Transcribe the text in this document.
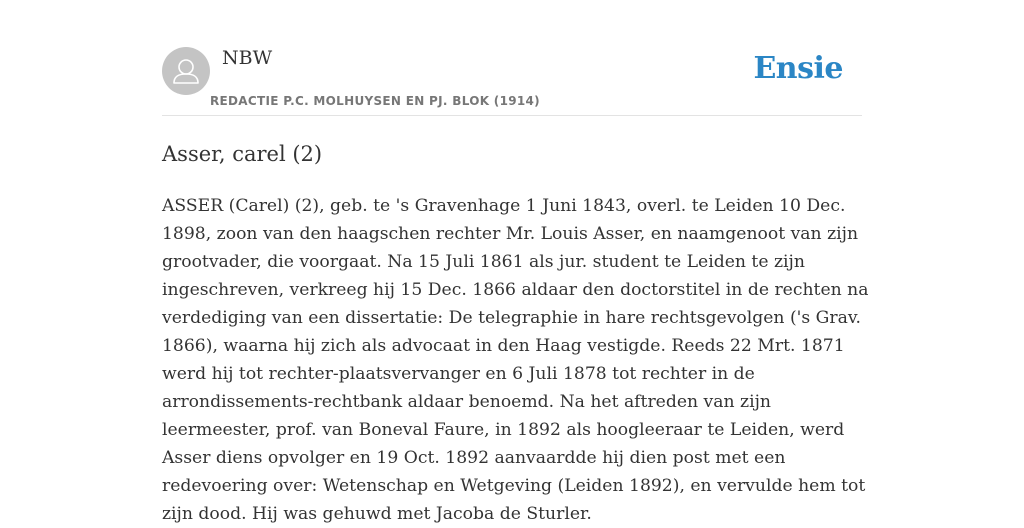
NBW
REDACTIE P.C. MOLHUYSEN EN PJ. BLOK (1914)
Ensie
Asser, carel (2)

ASSER (Carel) (2), geb. te 's Gravenhage 1 Juni 1843, overl. te Leiden 10 Dec. 1898, zoon van den haagschen rechter Mr. Louis Asser, en naamgenoot van zijn grootvader, die voorgaat. Na 15 Juli 1861 als jur. student te Leiden te zijn ingeschreven, verkreeg hij 15 Dec. 1866 aldaar den doctorstitel in de rechten na verdediging van een dissertatie: De telegraphie in hare rechtsgevolgen ('s Grav. 1866), waarna hij zich als advocaat in den Haag vestigde. Reeds 22 Mrt. 1871 werd hij tot rechter-plaatsvervanger en 6 Juli 1878 tot rechter in de arrondissements-rechtbank aldaar benoemd. Na het aftreden van zijn leermeester, prof. van Boneval Faure, in 1892 als hoogleeraar te Leiden, werd Asser diens opvolger en 19 Oct. 1892 aanvaardde hij dien post met een redevoering over: Wetenschap en Wetgeving (Leiden 1892), en vervulde hem tot zijn dood. Hij was gehuwd met Jacoba de Sturler.
